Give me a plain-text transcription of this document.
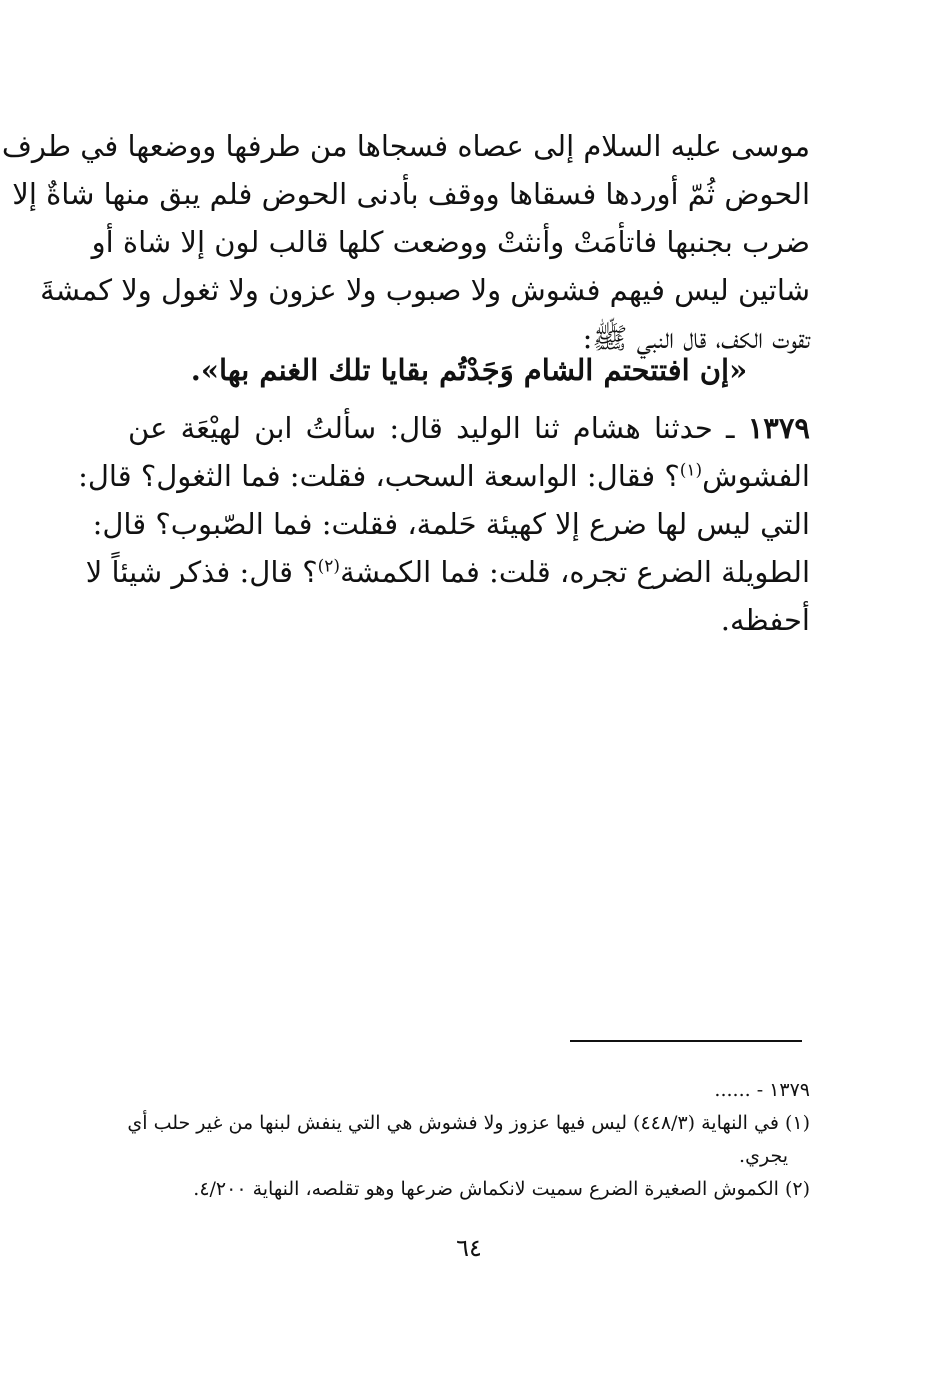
موسى عليه السلام إلى عصاه فسجاها من طرفها ووضعها في طرف
الحوض ثُمّ أوردها فسقاها ووقف بأدنى الحوض فلم يبق منها شاةٌ إلا
ضرب بجنبها فاتأمَتْ وأنثتْ ووضعت كلها قالب لون إلا شاة أو
شاتين ليس فيهم فشوش ولا صبوب ولا عزون ولا ثغول ولا كمشةَ
تقوت الكف، قال النبي ﷺ:
«إن افتتحتم الشام وَجَدْتُم بقايا تلك الغنم بها».
١٣٧٩ ـ حدثنا هشام ثنا الوليد قال: سألتُ ابن لهيْعَة عن
الفشوش$^{(١)}$؟ فقال: الواسعة السحب، فقلت: فما الثغول؟ قال:
التي ليس لها ضرع إلا كهيئة حَلمة، فقلت: فما الصّبوب؟ قال:
الطويلة الضرع تجره، قلت: فما الكمشة$^{(٢)}$؟ قال: فذكر شيئاً لا
أحفظه.
١٣٧٩ - ......
(١) في النهاية (٤٤٨/٣) ليس فيها عزوز ولا فشوش هي التي ينفش لبنها من غير حلب أي
يجري.
(٢) الكموش الصغيرة الضرع سميت لانكماش ضرعها وهو تقلصه، النهاية ٤/٢٠٠.
٦٤
